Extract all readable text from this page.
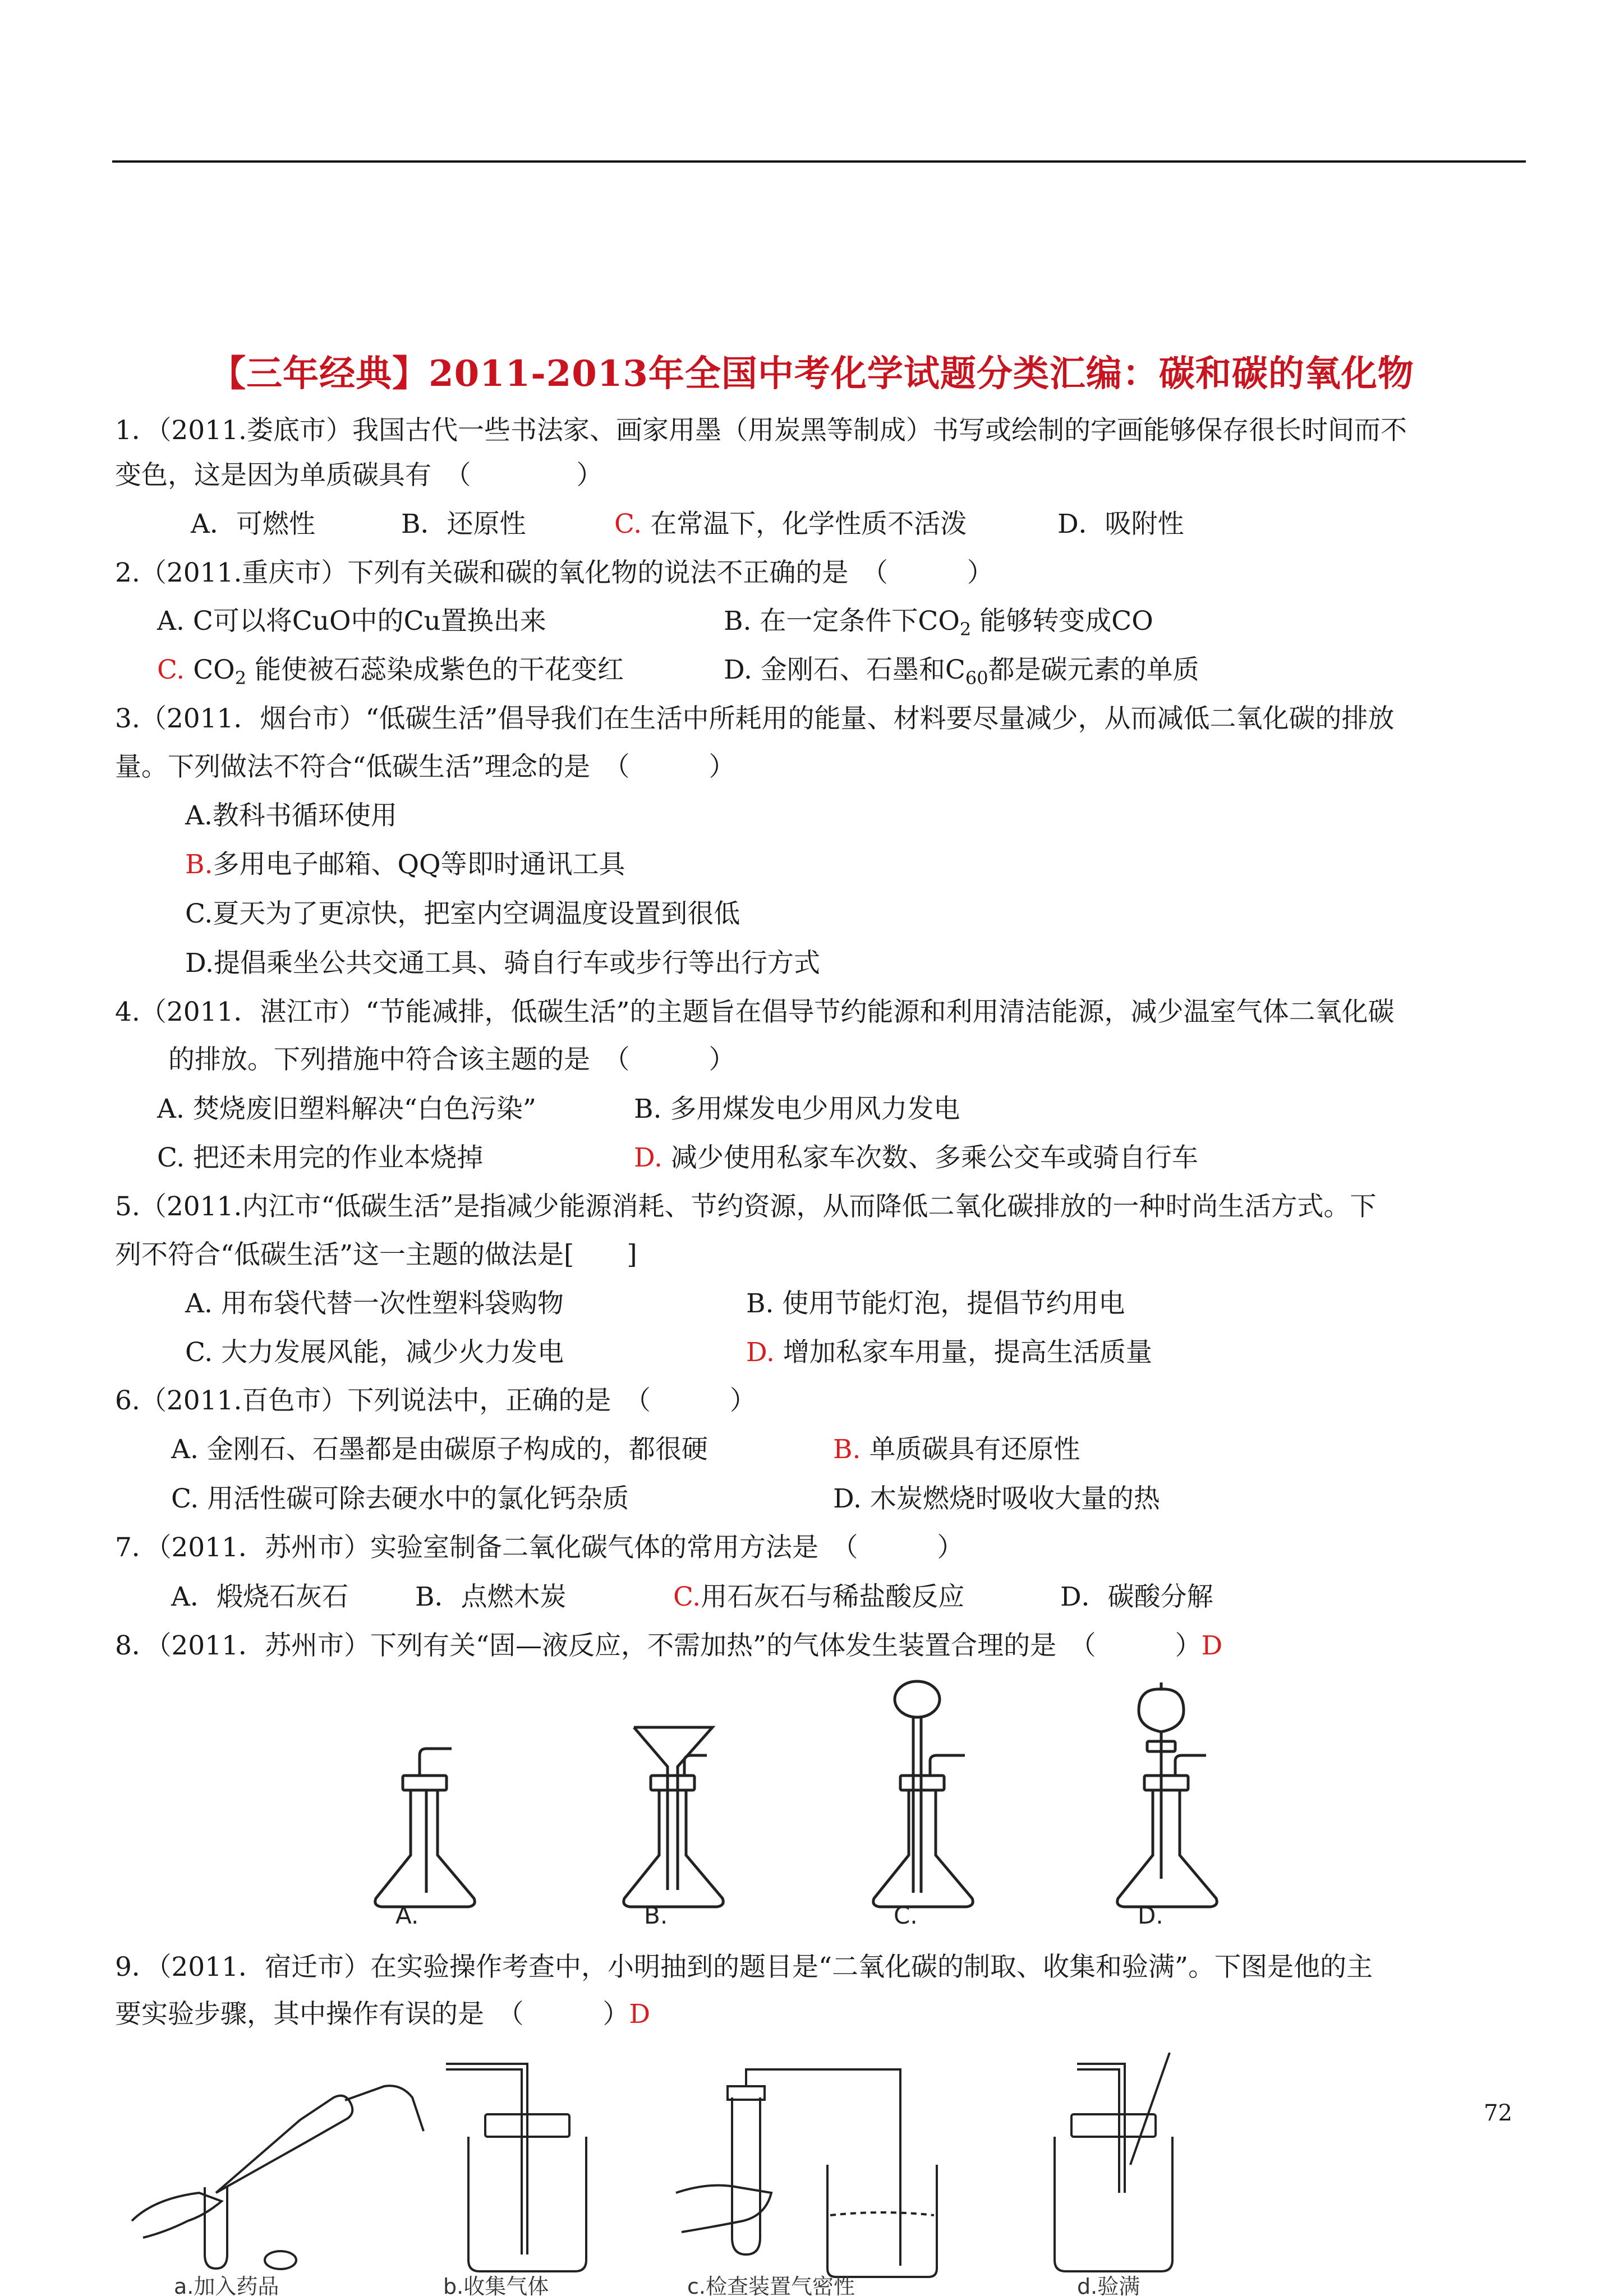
【三年经典】2011-2013年全国中考化学试题分类汇编：碳和碳的氧化物
1．（2011.娄底市）我国古代一些书法家、画家用墨（用炭黑等制成）书写或绘制的字画能够保存很长时间而不
变色，这是因为单质碳具有　（　　　　）
A．可燃性	B．还原性	C. 在常温下，化学性质不活泼	D．吸附性
2.（2011.重庆市）下列有关碳和碳的氧化物的说法不正确的是　（　　　）
A. C可以将CuO中的Cu置换出来	B. 在一定条件下$CO_2$ 能够转变成CO
C. $CO_2$ 能使被石蕊染成紫色的干花变红	D. 金刚石、石墨和$C_{60}$都是碳元素的单质
3.（2011．烟台市）“低碳生活”倡导我们在生活中所耗用的能量、材料要尽量减少，从而减低二氧化碳的排放
量。下列做法不符合“低碳生活”理念的是　（　　　）
A.教科书循环使用
B.多用电子邮箱、QQ等即时通讯工具
C.夏天为了更凉快，把室内空调温度设置到很低
D.提倡乘坐公共交通工具、骑自行车或步行等出行方式
4.（2011．湛江市）“节能减排，低碳生活”的主题旨在倡导节约能源和利用清洁能源，减少温室气体二氧化碳
的排放。下列措施中符合该主题的是　（　　　）
A. 焚烧废旧塑料解决“白色污染”	B. 多用煤发电少用风力发电
C. 把还未用完的作业本烧掉	D. 减少使用私家车次数、多乘公交车或骑自行车
5.（2011.内江市“低碳生活”是指减少能源消耗、节约资源，从而降低二氧化碳排放的一种时尚生活方式。下
列不符合“低碳生活”这一主题的做法是[　　]
A. 用布袋代替一次性塑料袋购物	B. 使用节能灯泡，提倡节约用电
C. 大力发展风能，减少火力发电	D. 增加私家车用量，提高生活质量
6.（2011.百色市）下列说法中，正确的是　（　　　）
A. 金刚石、石墨都是由碳原子构成的，都很硬	B. 单质碳具有还原性
C. 用活性碳可除去硬水中的氯化钙杂质	D. 木炭燃烧时吸收大量的热
7．（2011．苏州市）实验室制备二氧化碳气体的常用方法是　（　　　）
A．煅烧石灰石	B．点燃木炭	C.用石灰石与稀盐酸反应	D．碳酸分解
8．（2011．苏州市）下列有关“固—液反应，不需加热”的气体发生装置合理的是　（　　　）D
A.	B.	C.	D.
9．（2011．宿迁市）在实验操作考查中，小明抽到的题目是“二氧化碳的制取、收集和验满”。下图是他的主
要实验步骤，其中操作有误的是　（　　　）D
a.加入药品	b.收集气体	c.检查装置气密性	d.验满
72
